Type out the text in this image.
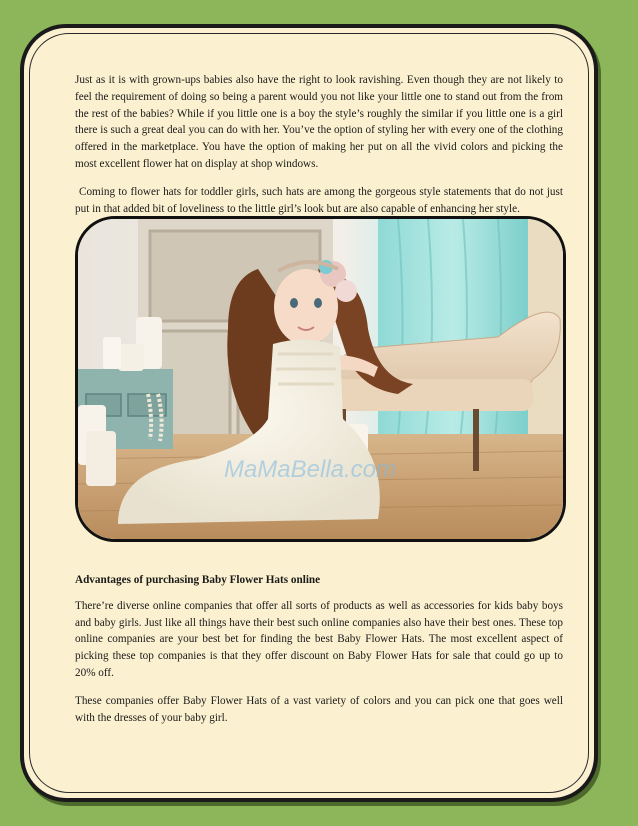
Just as it is with grown-ups babies also have the right to look ravishing. Even though they are not likely to feel the requirement of doing so being a parent would you not like your little one to stand out from the from the rest of the babies? While if you little one is a boy the style’s roughly the similar if you little one is a girl there is such a great deal you can do with her. You’ve the option of styling her with every one of the clothing offered in the marketplace. You have the option of making her put on all the vivid colors and picking the most excellent flower hat on display at shop windows.

Coming to flower hats for toddler girls, such hats are among the gorgeous style statements that do not just put in that added bit of loveliness to the little girl’s look but are also capable of enhancing her style.

MaMaBella.com

Advantages of purchasing Baby Flower Hats online

There’re diverse online companies that offer all sorts of products as well as accessories for kids baby boys and baby girls. Just like all things have their best such online companies also have their best ones. These top online companies are your best bet for finding the best Baby Flower Hats. The most excellent aspect of picking these top companies is that they offer discount on Baby Flower Hats for sale that could go up to 20% off.

These companies offer Baby Flower Hats of a vast variety of colors and you can pick one that goes well with the dresses of your baby girl.
